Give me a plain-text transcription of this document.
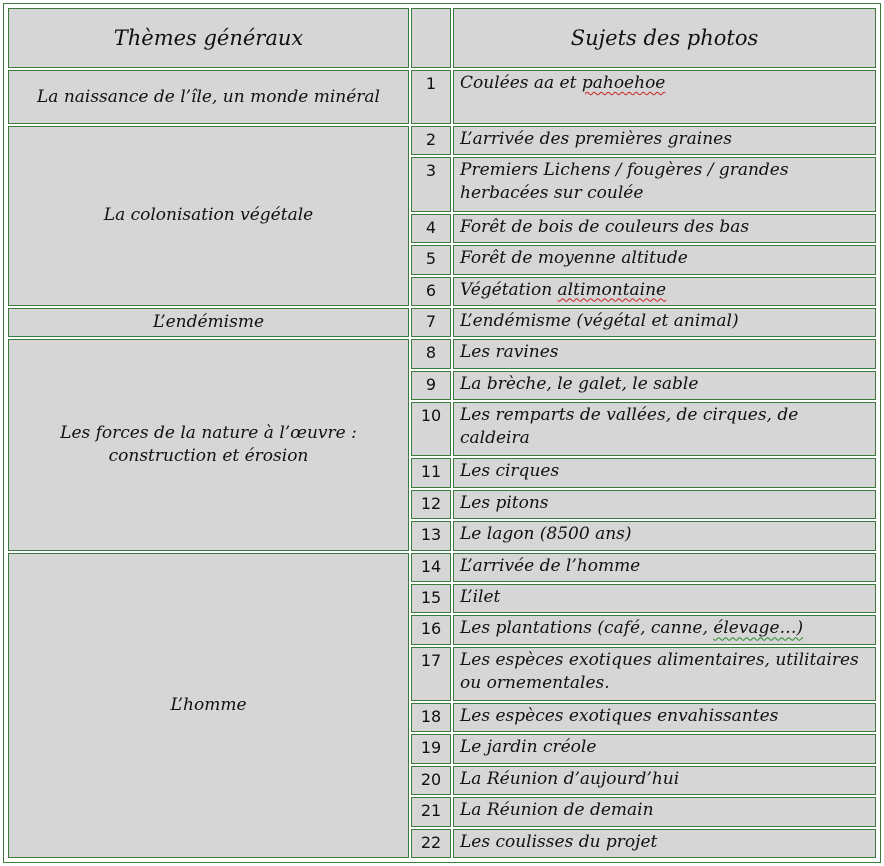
Thèmes généraux		Sujets des photos
La naissance de l’île, un monde minéral	1	Coulées aa et pahoehoe
La colonisation végétale	2	L’arrivée des premières graines
	3	Premiers Lichens / fougères / grandes herbacées sur coulée
	4	Forêt de bois de couleurs des bas
	5	Forêt de moyenne altitude
	6	Végétation altimontaine
L’endémisme	7	L’endémisme (végétal et animal)
Les forces de la nature à l’œuvre : construction et érosion	8	Les ravines
	9	La brèche, le galet, le sable
	10	Les remparts de vallées, de cirques, de caldeira
	11	Les cirques
	12	Les pitons
	13	Le lagon (8500 ans)
L’homme	14	L’arrivée de l’homme
	15	L’ilet
	16	Les plantations (café, canne, élevage…)
	17	Les espèces exotiques alimentaires, utilitaires ou ornementales.
	18	Les espèces exotiques envahissantes
	19	Le jardin créole
	20	La Réunion d’aujourd’hui
	21	La Réunion de demain
	22	Les coulisses du projet
